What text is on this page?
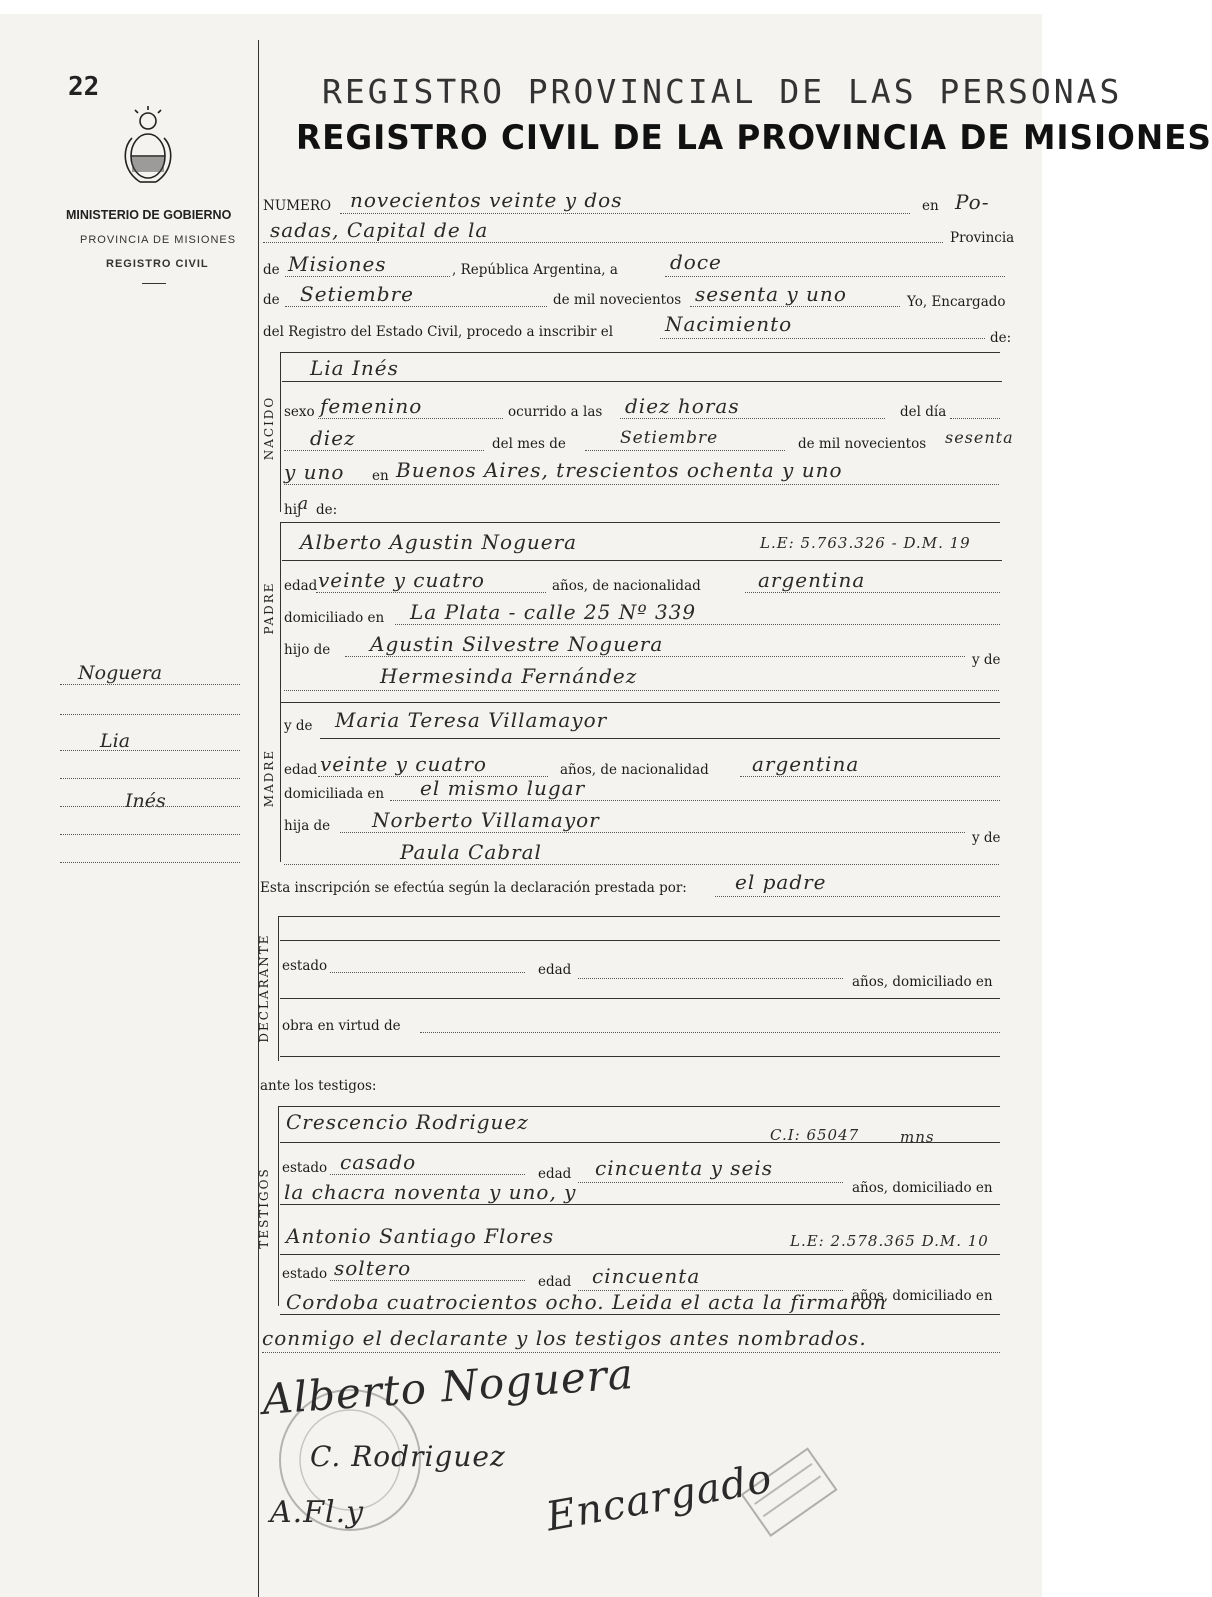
22
MINISTERIO DE GOBIERNO
PROVINCIA DE MISIONES
REGISTRO CIVIL
REGISTRO PROVINCIAL DE LAS PERSONAS
REGISTRO CIVIL DE LA PROVINCIA DE MISIONES
NUMERO novecientos veinte y dos	en Po-
sadas, Capital de la	Provincia
de Misiones	, República Argentina, a	doce
de Setiembre	de mil novecientos sesenta y uno	Yo, Encargado
del Registro del Estado Civil, procedo a inscribir el	Nacimiento
de:
NACIDO
Lia Inés
sexo femenino	ocurrido a las diez horas	del día
diez	del mes de	Setiembre	de mil novecientos sesenta
y uno en Buenos Aires, trescientos ochenta y uno
hij
a de:
PADRE
Alberto Agustin Noguera	L.E: 5.763.326 - D.M. 19
edad veinte y cuatro	años, de nacionalidad	argentina
domiciliado en La Plata - calle 25 Nº 339
hijo de Agustin Silvestre Noguera
y de
Hermesinda Fernández
MADRE
y de Maria Teresa Villamayor
edad veinte y cuatro	años, de nacionalidad argentina
domiciliada en el mismo lugar
hija de Norberto Villamayor
y de
Paula Cabral
Esta inscripción se efectúa según la declaración prestada por: el padre
DECLARANTE estado	edad
años, domiciliado en
obra en virtud de
ante los testigos:
TESTIGOS
Crescencio Rodriguez
C.I: 65047	mns
estado casado	edad cincuenta y seis
años, domiciliado en
la chacra noventa y uno, y
Antonio Santiago Flores	L.E: 2.578.365 D.M. 10
estado soltero
edad cincuenta
años, domiciliado en
Cordoba cuatrocientos ocho. Leida el acta la firmaron
conmigo el declarante y los testigos antes nombrados.
Noguera
Lia
Inés
Alberto Noguera
C. Rodriguez
A.Fl.y	Encargado
